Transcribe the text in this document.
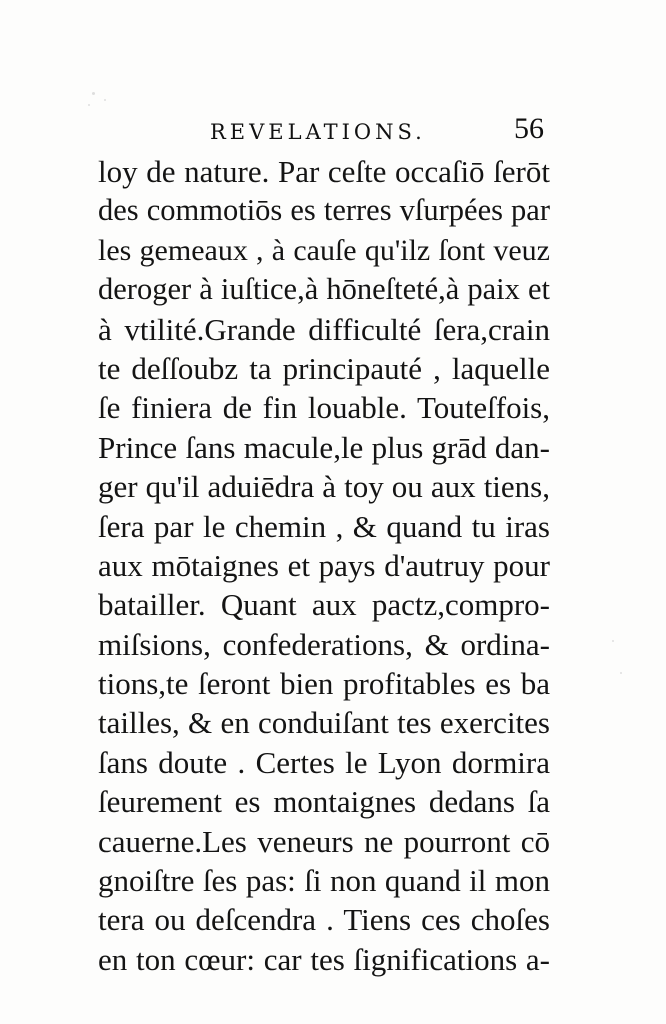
REVELATIONS.	56
loy de nature. Par ceſte occaſiō ſerōt
des commotiōs es terres vſurpées par
les gemeaux , à cauſe qu'ilz ſont veuz
deroger à iuſtice,à hōneſteté,à paix et
à vtilité.Grande difficulté ſera,crain
te deſſoubz ta principauté , laquelle
ſe finiera de fin louable. Touteſfois,
Prince ſans macule,le plus grād dan-
ger qu'il aduiēdra à toy ou aux tiens,
ſera par le chemin , & quand tu iras
aux mōtaignes et pays d'autruy pour
batailler. Quant aux pactz,compro-
miſsions, confederations, & ordina-
tions,te ſeront bien profitables es ba
tailles, & en conduiſant tes exercites
ſans doute . Certes le Lyon dormira
ſeurement es montaignes dedans ſa
cauerne.Les veneurs ne pourront cō
gnoiſtre ſes pas: ſi non quand il mon
tera ou deſcendra . Tiens ces choſes
en ton cœur: car tes ſignifications a-
